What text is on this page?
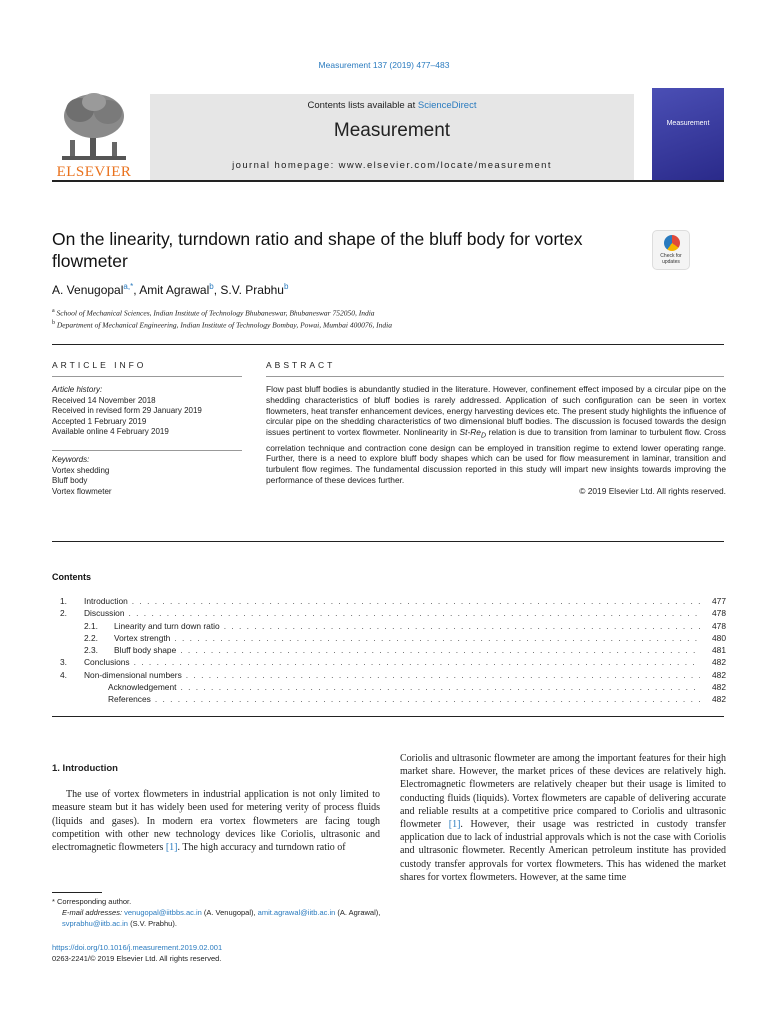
Measurement 137 (2019) 477–483
ELSEVIER
Contents lists available at ScienceDirect
Measurement
journal homepage: www.elsevier.com/locate/measurement
Measurement
On the linearity, turndown ratio and shape of the bluff body for vortex flowmeter	Check for
updates
A. Venugopal$^{a,*}$, Amit Agrawal$^b$, S.V. Prabhu$^b$
$^a$ School of Mechanical Sciences, Indian Institute of Technology Bhubaneswar, Bhubaneswar 752050, India
$^b$ Department of Mechanical Engineering, Indian Institute of Technology Bombay, Powai, Mumbai 400076, India
ARTICLE INFO	ABSTRACT
Article history:
Received 14 November 2018
Received in revised form 29 January 2019
Accepted 1 February 2019
Available online 4 February 2019
Keywords:
Vortex shedding
Bluff body
Vortex flowmeter
Flow past bluff bodies is abundantly studied in the literature. However, confinement effect imposed by a circular pipe on the shedding characteristics of bluff bodies is rarely addressed. Application of such configuration can be seen in vortex flowmeters, heat transfer enhancement devices, energy harvesting devices etc. The present study highlights the influence of circular pipe on the shedding characteristics of two dimensional bluff bodies. The discussion is focused towards the design issues pertinent to vortex flowmeter. Nonlinearity in $St-Re_D$ relation is due to transition from laminar to turbulent flow. Cross correlation technique and contraction cone design can be employed in transition regime to extend lower operating range. Further, there is a need to explore bluff body shapes which can be used for flow measurement in laminar, transition and turbulent flow regimes. The fundamental discussion reported in this study will impart new insights towards improving the performance of these devices further.
© 2019 Elsevier Ltd. All rights reserved.
Contents
1.	Introduction . . .	477
2.	Discussion . . .	478
2.1.	Linearity and turn down ratio . . .	478
2.2.	Vortex strength . . .	480
2.3.	Bluff body shape . . .	481
3.	Conclusions . . .	482
4.	Non-dimensional numbers . . .	482
Acknowledgement . . .	482
References . . .	482
1. Introduction

The use of vortex flowmeters in industrial application is not only limited to measure steam but it has widely been used for metering verity of process fluids (liquids and gases). In modern era vortex flowmeters are facing tough competition with other new technology devices like Coriolis, ultrasonic and electromagnetic flowmeters [1]. The high accuracy and turndown ratio of

Coriolis and ultrasonic flowmeter are among the important features for their high market share. However, the market prices of these devices are relatively high. Electromagnetic flowmeters are relatively cheaper but their usage is limited to conducting fluids (liquids). Vortex flowmeters are capable of delivering accurate and reliable results at a competitive price compared to Coriolis and ultrasonic flowmeter [1]. However, their usage was restricted in custody transfer application due to lack of industrial approvals which is not the case with Coriolis and ultrasonic flowmeter. Recently American petroleum institute has provided custody transfer approvals for vortex flowmeters. This has widened the market shares for vortex flowmeters. However, at the same time

* Corresponding author.
E-mail addresses: venugopal@iitbbs.ac.in (A. Venugopal), amit.agrawal@iitb.ac.in (A. Agrawal), svprabhu@iitb.ac.in (S.V. Prabhu).
https://doi.org/10.1016/j.measurement.2019.02.001
0263-2241/© 2019 Elsevier Ltd. All rights reserved.
